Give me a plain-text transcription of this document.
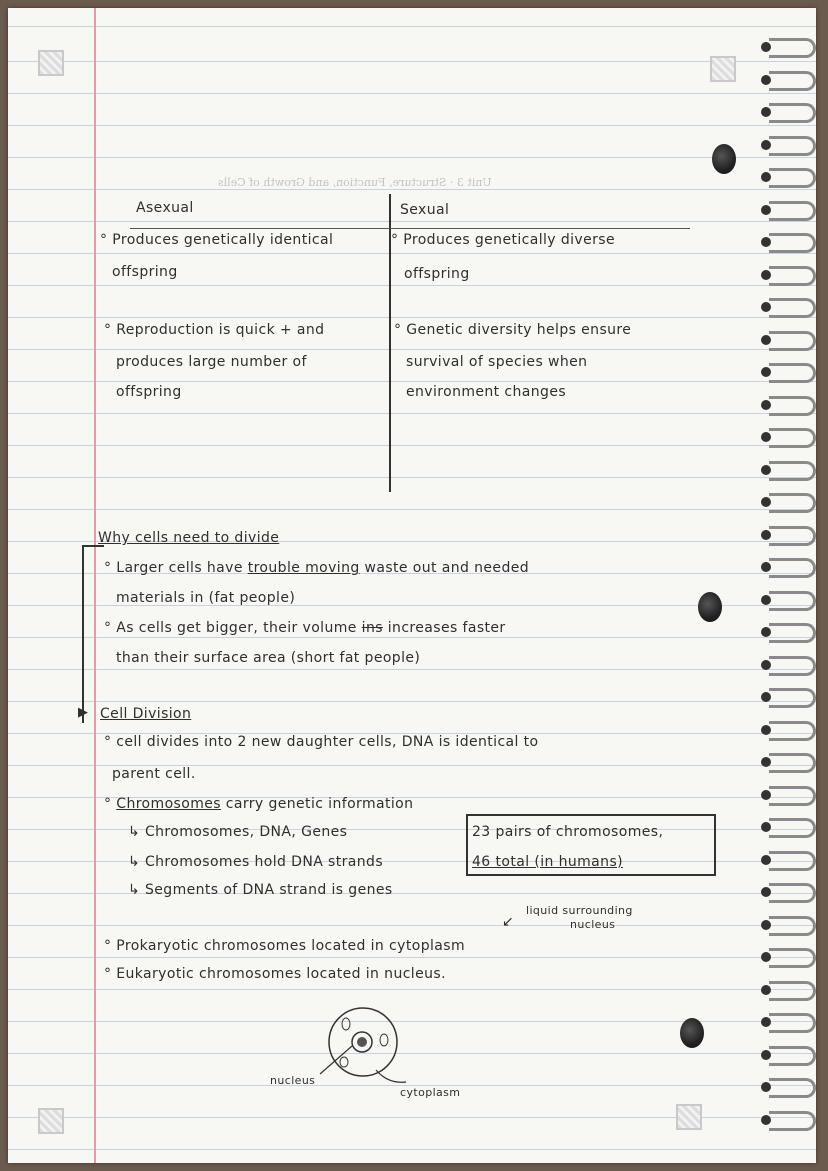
Unit 3 · Structure, Function, and Growth of Cells
Asexual	Sexual
° Produces genetically identical
offspring
° Produces genetically diverse
offspring
° Reproduction is quick + and
produces large number of
offspring
° Genetic diversity helps ensure
survival of species when
environment changes
▶
Why cells need to divide
° Larger cells have trouble moving waste out and needed
materials in (fat people)
° As cells get bigger, their volume ins increases faster
than their surface area (short fat people)
Cell Division
° cell divides into 2 new daughter cells, DNA is identical to
parent cell.
° Chromosomes carry genetic information
↳ Chromosomes, DNA, Genes
↳ Chromosomes hold DNA strands
↳ Segments of DNA strand is genes
23 pairs of chromosomes,
46 total (in humans)
liquid surrounding
nucleus
↙
° Prokaryotic chromosomes located in cytoplasm
° Eukaryotic chromosomes located in nucleus.
nucleus
cytoplasm
